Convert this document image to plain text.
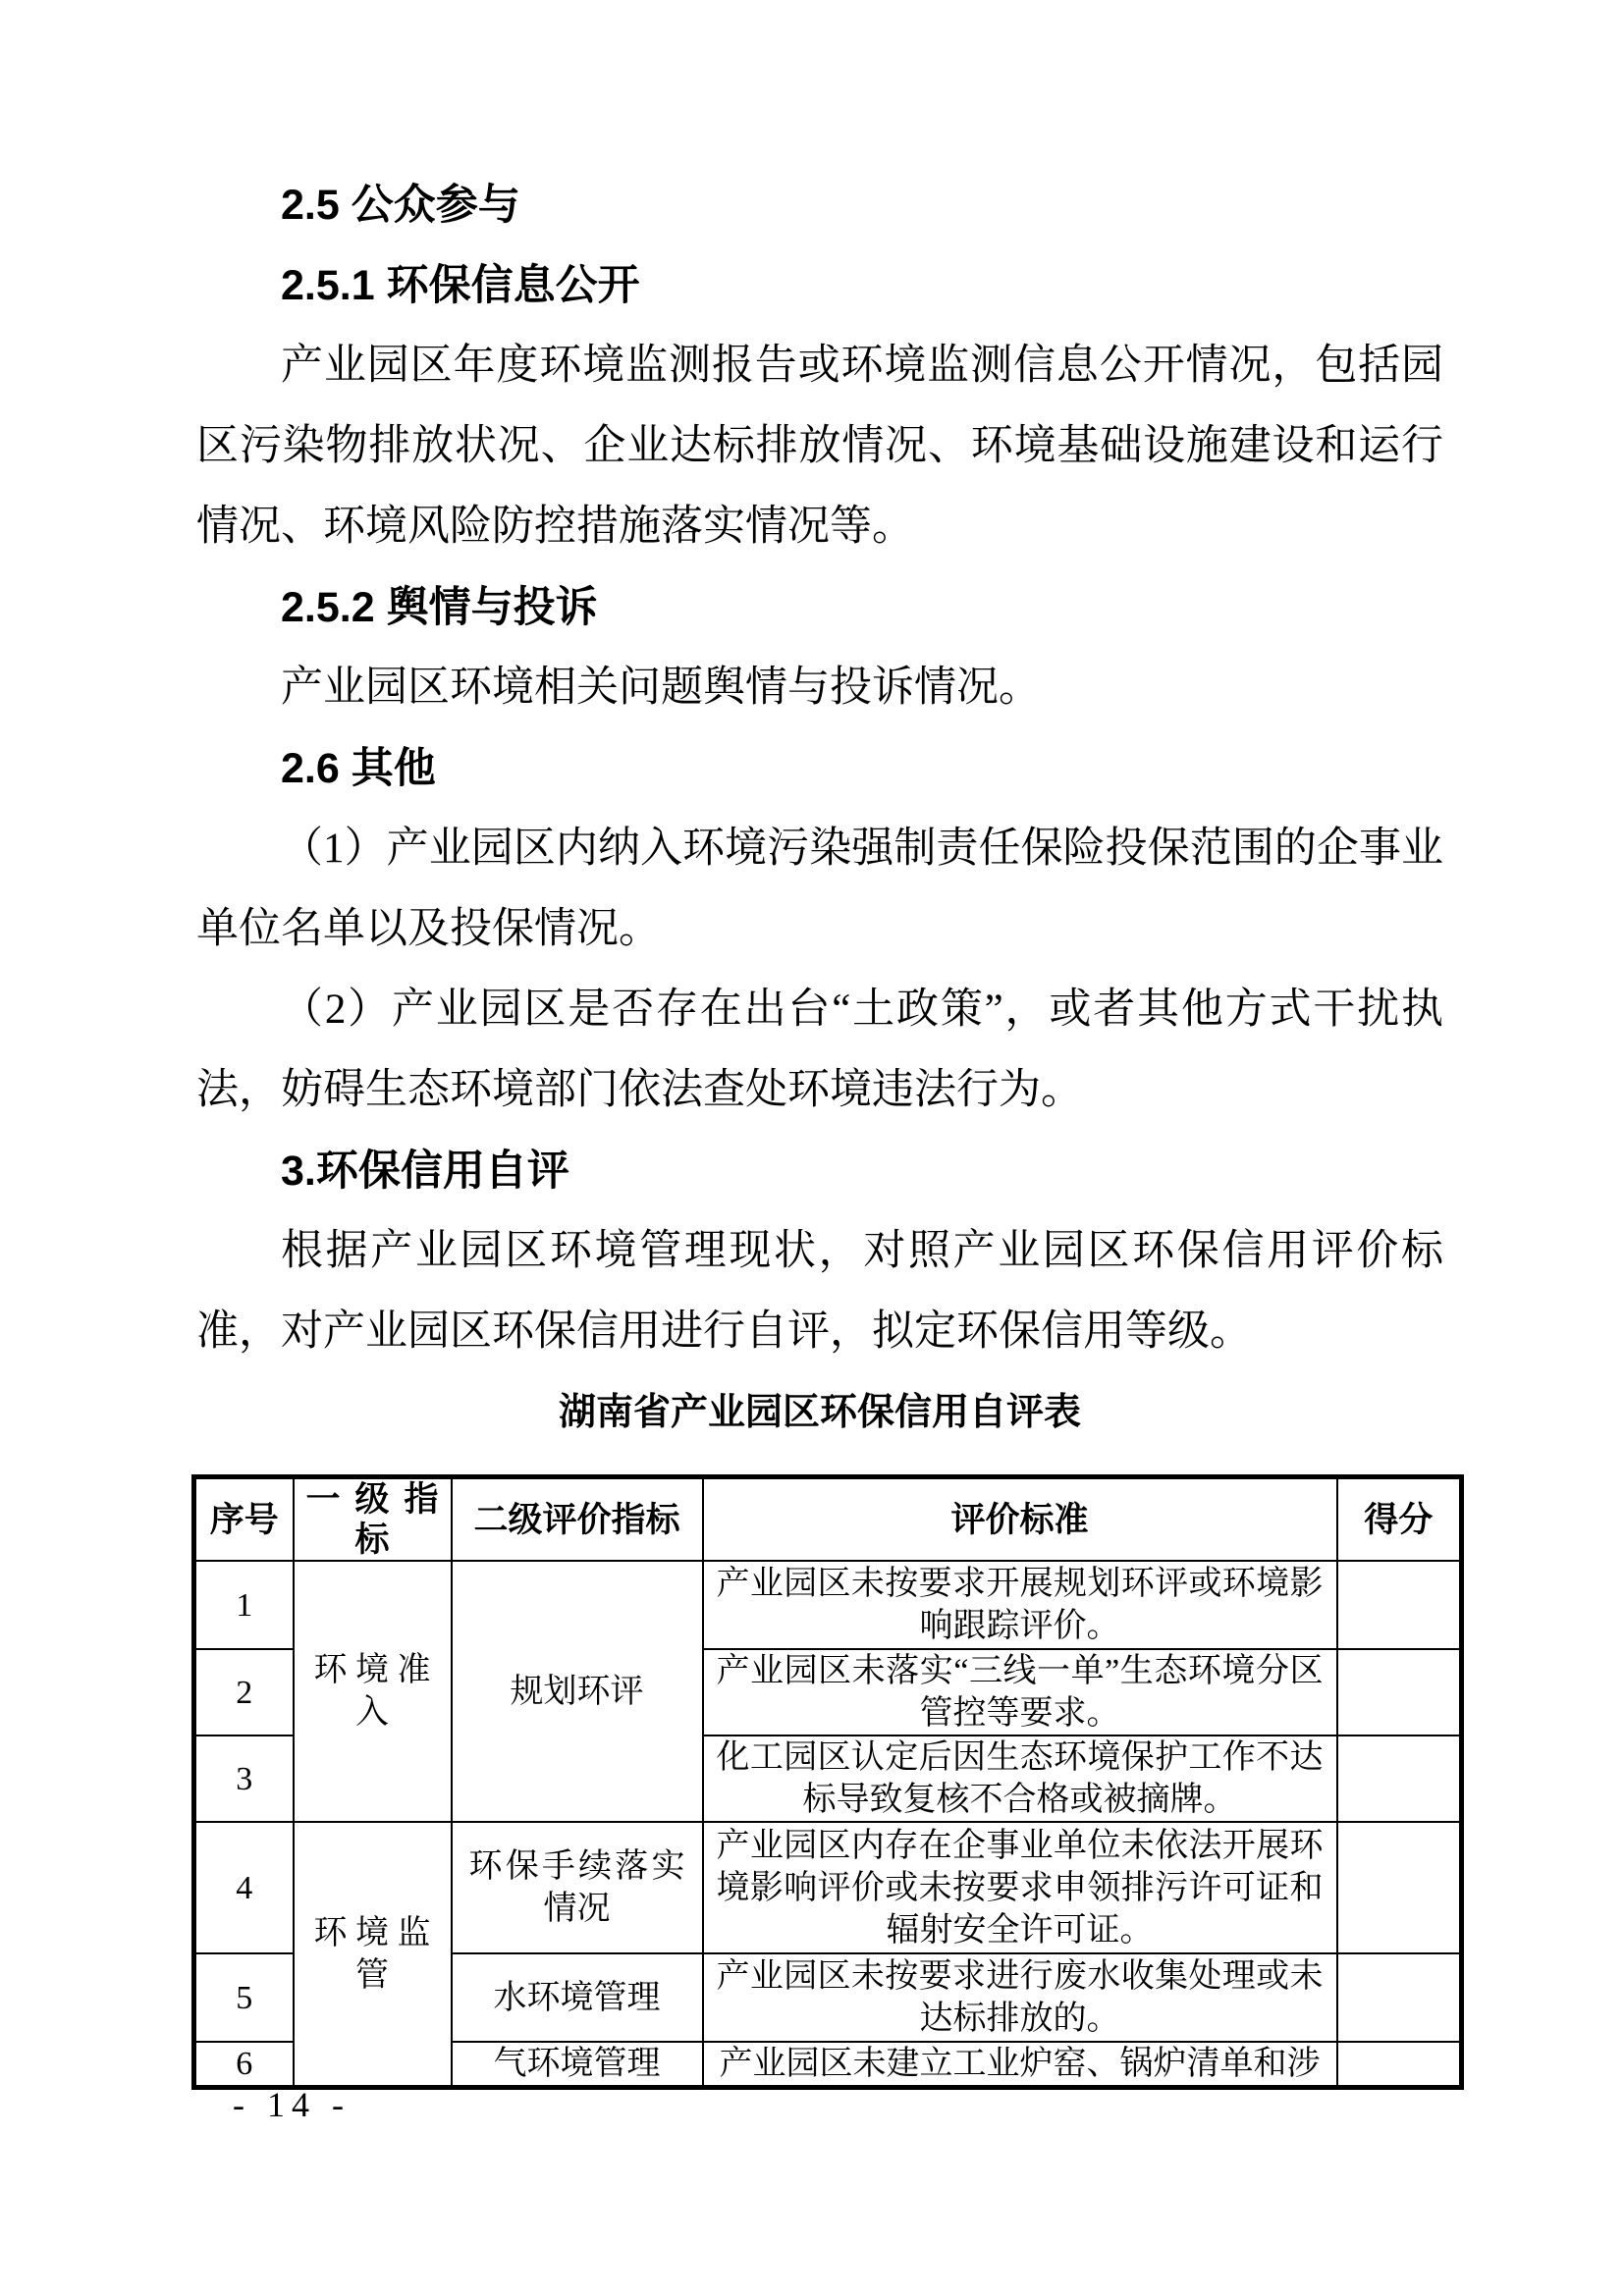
2.5 公众参与
2.5.1 环保信息公开
产业园区年度环境监测报告或环境监测信息公开情况，包括园区污染物排放状况、企业达标排放情况、环境基础设施建设和运行情况、环境风险防控措施落实情况等。
2.5.2 舆情与投诉
产业园区环境相关问题舆情与投诉情况。
2.6 其他
（1）产业园区内纳入环境污染强制责任保险投保范围的企事业单位名单以及投保情况。
（2）产业园区是否存在出台“土政策”，或者其他方式干扰执法，妨碍生态环境部门依法查处环境违法行为。
3.环保信用自评
根据产业园区环境管理现状，对照产业园区环保信用评价标准，对产业园区环保信用进行自评，拟定环保信用等级。
湖南省产业园区环保信用自评表
序号	一级指标	二级评价指标	评价标准	得分
1	环境准入	规划环评	产业园区未按要求开展规划环评或环境影响跟踪评价。	
2			产业园区未落实“三线一单”生态环境分区管控等要求。	
3			化工园区认定后因生态环境保护工作不达标导致复核不合格或被摘牌。	
4	环境监管	环保手续落实情况	产业园区内存在企事业单位未依法开展环境影响评价或未按要求申领排污许可证和辐射安全许可证。	
5		水环境管理	产业园区未按要求进行废水收集处理或未达标排放的。	
6		气环境管理	产业园区未建立工业炉窑、锅炉清单和涉	
- 14 -
